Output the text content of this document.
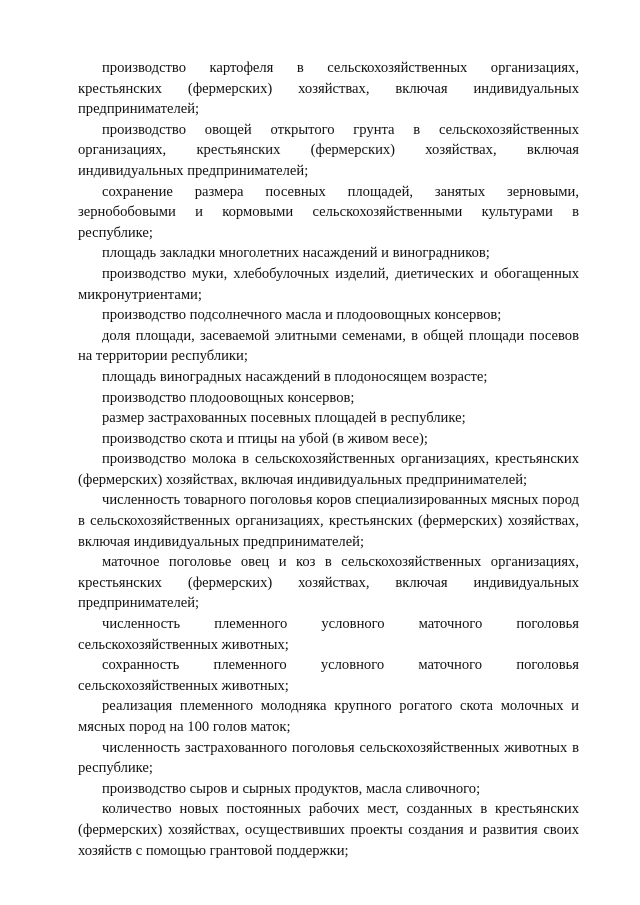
производство картофеля в сельскохозяйственных организациях, крестьянских (фермерских) хозяйствах, включая индивидуальных предпринимателей;

производство овощей открытого грунта в сельскохозяйственных организациях, крестьянских (фермерских) хозяйствах, включая индивидуальных предпринимателей;

сохранение размера посевных площадей, занятых зерновыми, зернобобовыми и кормовыми сельскохозяйственными культурами в республике;

площадь закладки многолетних насаждений и виноградников;

производство муки, хлебобулочных изделий, диетических и обогащенных микронутриентами;

производство подсолнечного масла и плодоовощных консервов;

доля площади, засеваемой элитными семенами, в общей площади посевов на территории республики;

площадь виноградных насаждений в плодоносящем возрасте;

производство плодоовощных консервов;

размер застрахованных посевных площадей в республике;

производство скота и птицы на убой (в живом весе);

производство молока в сельскохозяйственных организациях, крестьянских (фермерских) хозяйствах, включая индивидуальных предпринимателей;

численность товарного поголовья коров специализированных мясных пород в сельскохозяйственных организациях, крестьянских (фермерских) хозяйствах, включая индивидуальных предпринимателей;

маточное поголовье овец и коз в сельскохозяйственных организациях, крестьянских (фермерских) хозяйствах, включая индивидуальных предпринимателей;

численность племенного условного маточного поголовья сельскохозяйственных животных;

сохранность племенного условного маточного поголовья сельскохозяйственных животных;

реализация племенного молодняка крупного рогатого скота молочных и мясных пород на 100 голов маток;

численность застрахованного поголовья сельскохозяйственных животных в республике;

производство сыров и сырных продуктов, масла сливочного;

количество новых постоянных рабочих мест, созданных в крестьянских (фермерских) хозяйствах, осуществивших проекты создания и развития своих хозяйств с помощью грантовой поддержки;
